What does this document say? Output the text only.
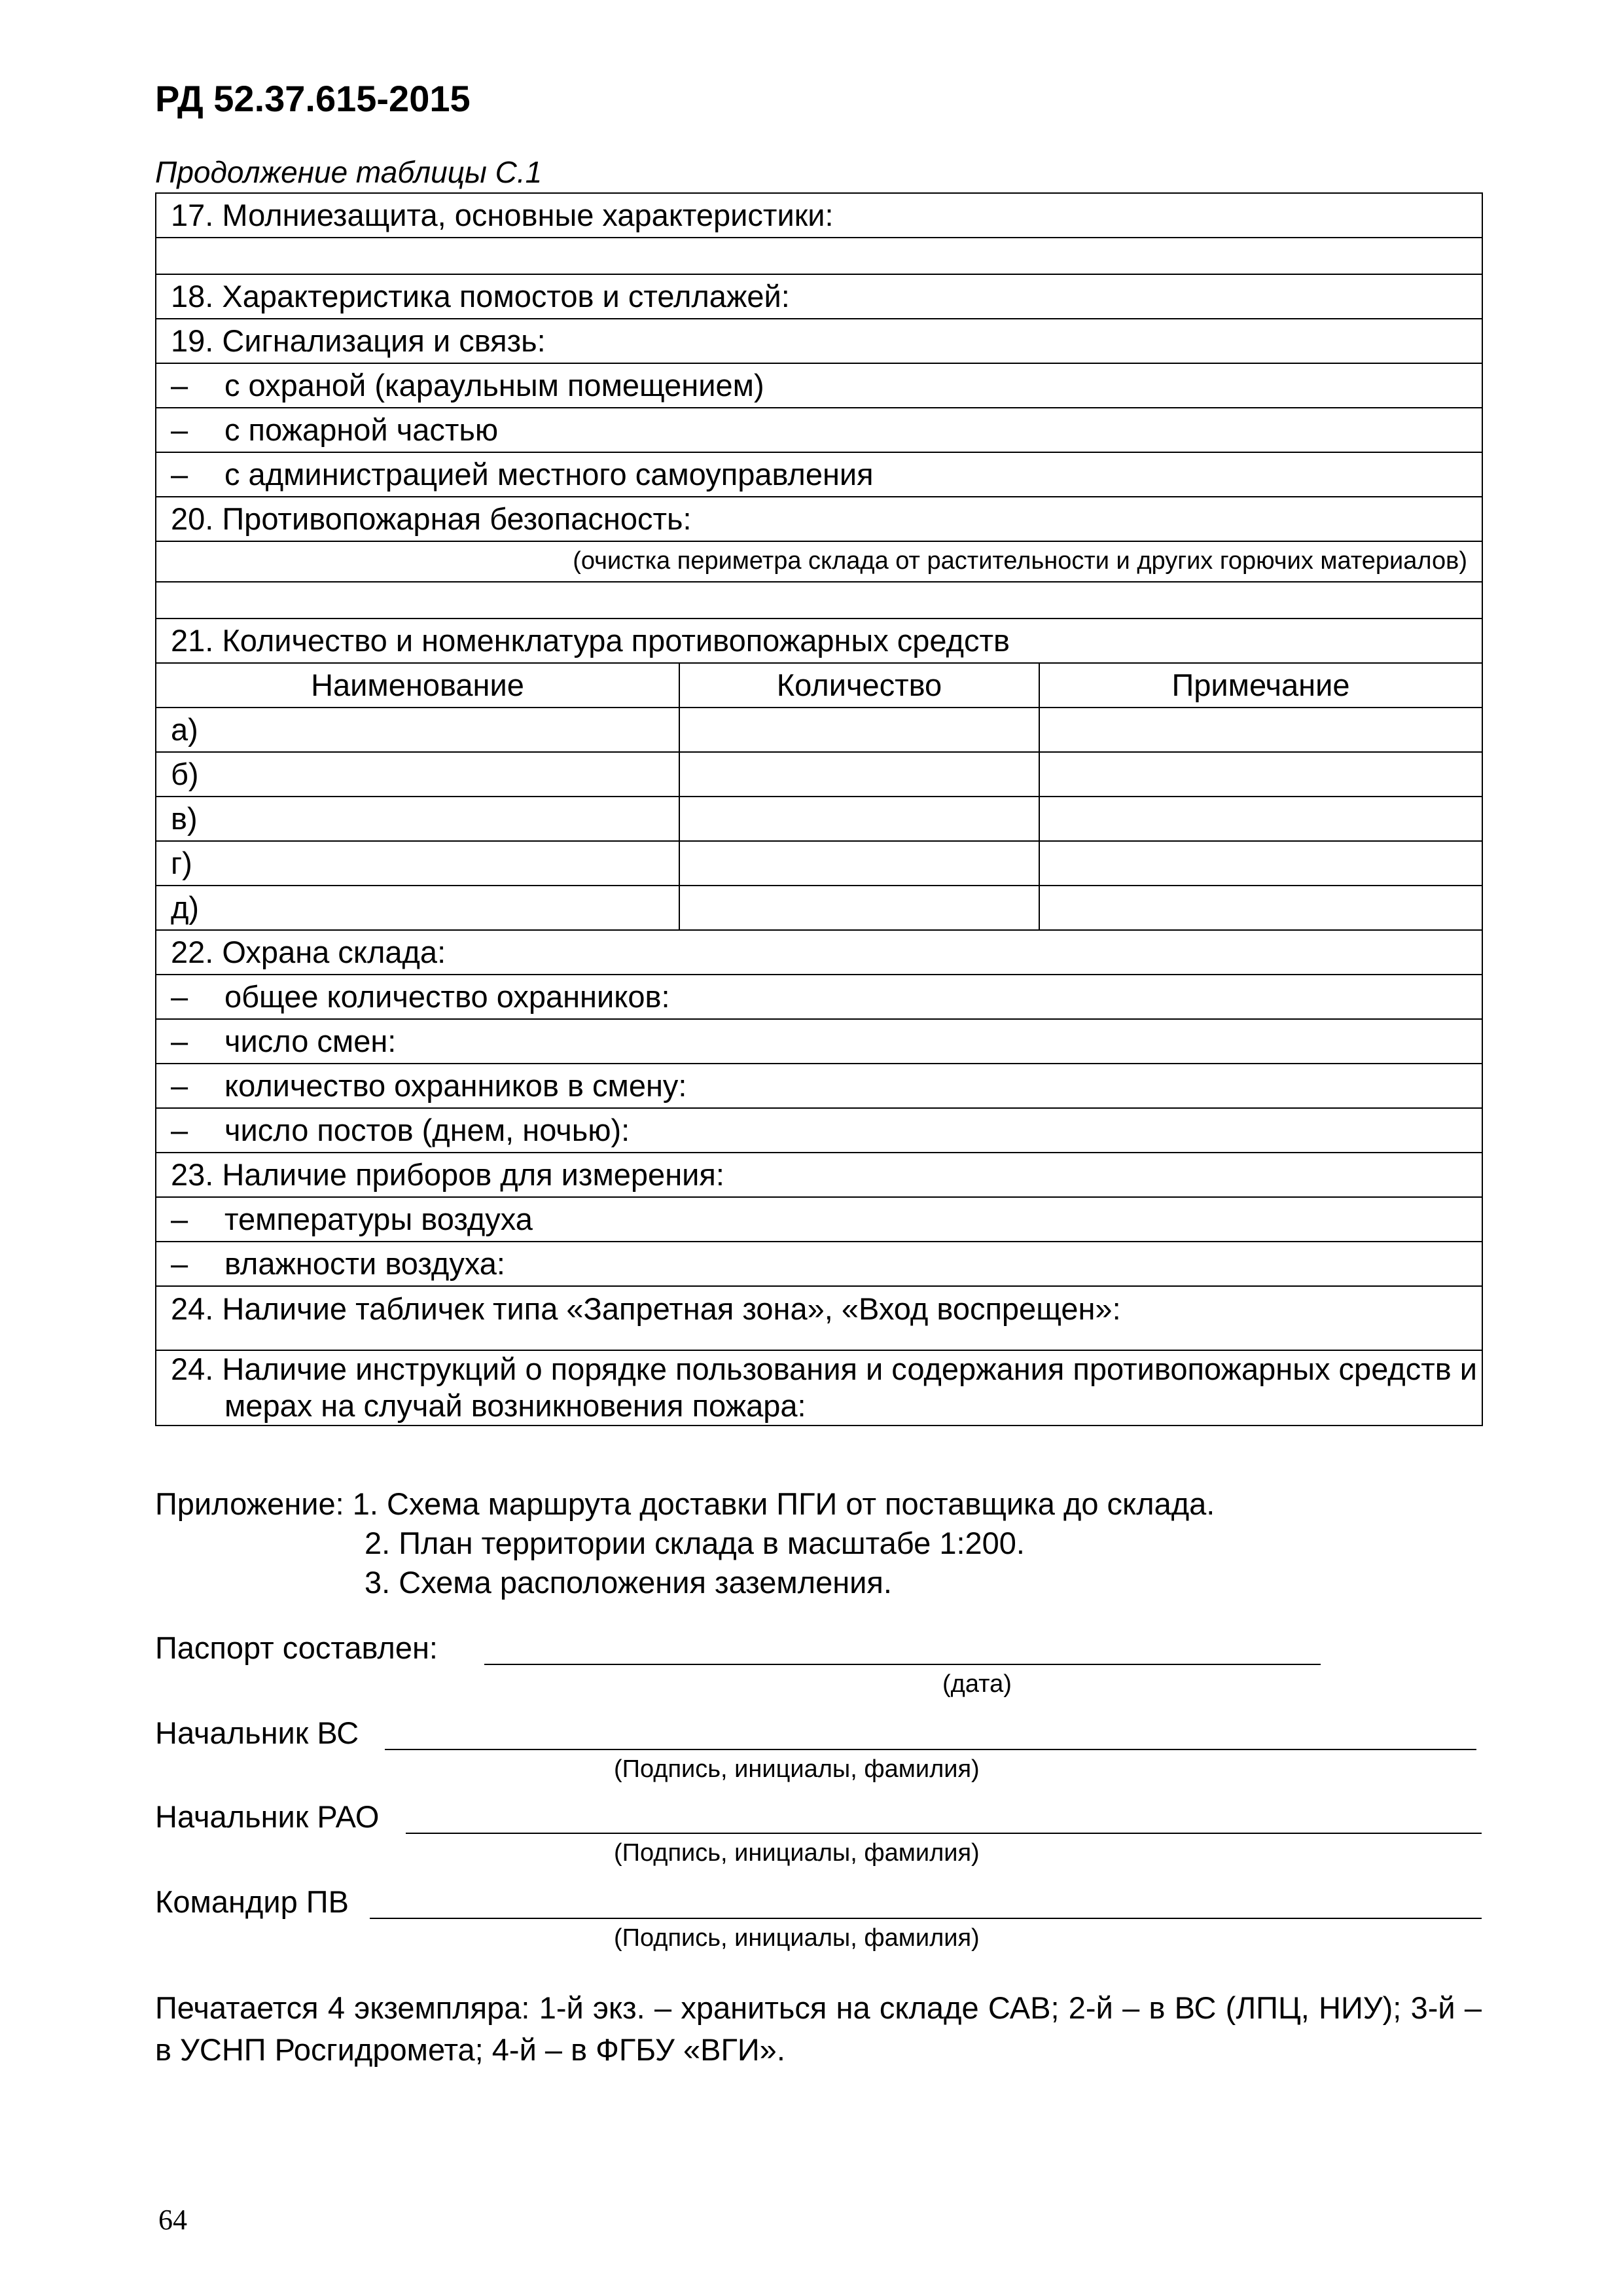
РД 52.37.615-2015
Продолжение таблицы С.1
17. Молниезащита, основные характеристики:		

18. Характеристика помостов и стеллажей:		
19. Сигнализация и связь:		
– с охраной (караульным помещением)		
– с пожарной частью		
– с администрацией местного самоуправления		
20. Противопожарная безопасность:		
(очистка периметра склада от растительности и других горючих материалов)		

21. Количество и номенклатура противопожарных средств		
Наименование	Количество	Примечание
а)		
б)		
в)		
г)		
д)		
22. Охрана склада:		
– общее количество охранников:		
– число смен:		
– количество охранников в смену:		
– число постов (днем, ночью):		
23. Наличие приборов для измерения:		
– температуры воздуха		
– влажности воздуха:		
24. Наличие табличек типа «Запретная зона», «Вход воспрещен»:		
24. Наличие инструкций о порядке пользования и содержания противопожарных средств и мерах на случай возникновения пожара:		
Приложение: 1. Схема маршрута доставки ПГИ от поставщика до склада.
2. План территории склада в масштабе 1:200.
3. Схема расположения заземления.
Паспорт составлен:
(дата)
Начальник ВС
(Подпись, инициалы, фамилия)
Начальник РАО
(Подпись, инициалы, фамилия)
Командир ПВ
(Подпись, инициалы, фамилия)
Печатается 4 экземпляра: 1-й экз. – храниться на складе САВ; 2-й – в ВС (ЛПЦ, НИУ); 3-й – в УСНП Росгидромета; 4-й – в ФГБУ «ВГИ».
64
